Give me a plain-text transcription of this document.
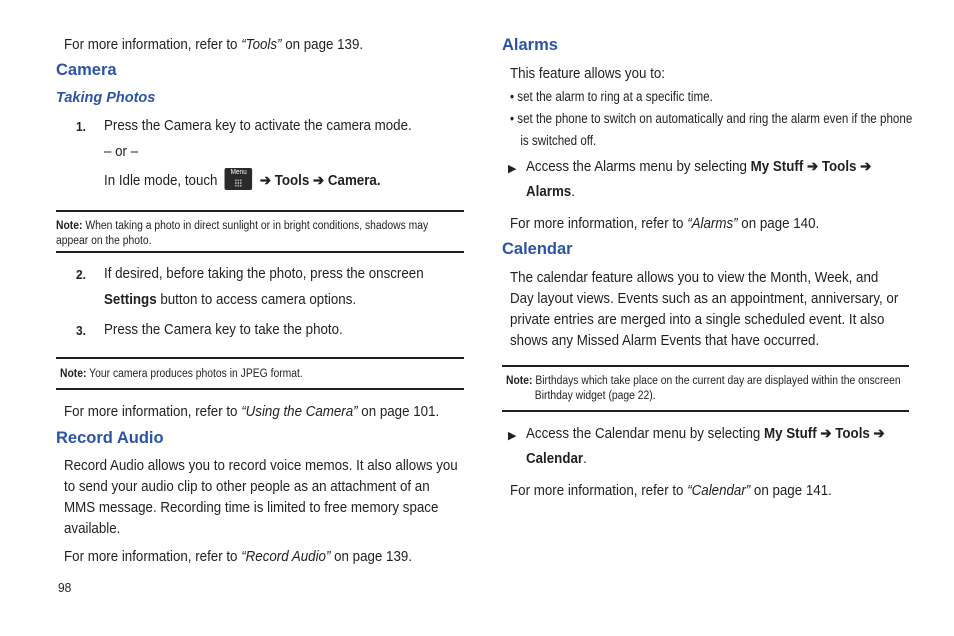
For more information, refer to “Tools” on page 139.
Camera
Taking Photos
1. Press the Camera key to activate the camera mode.
– or –
In Idle mode, touch
Menu
➔ Tools ➔ Camera.
Note: When taking a photo in direct sunlight or in bright conditions, shadows may appear on the photo.
2. If desired, before taking the photo, press the onscreen
Settings button to access camera options.
3. Press the Camera key to take the photo.
Note: Your camera produces photos in JPEG format.
For more information, refer to “Using the Camera” on page 101.
Record Audio
Record Audio allows you to record voice memos. It also allows you to send your audio clip to other people as an attachment of an MMS message. Recording time is limited to free memory space available.
For more information, refer to “Record Audio” on page 139.
98
Alarms
This feature allows you to:
• set the alarm to ring at a specific time.
• set the phone to switch on automatically and ring the alarm even if the phone is switched off.
▶ Access the Alarms menu by selecting My Stuff ➔ Tools ➔
Alarms.
For more information, refer to “Alarms” on page 140.
Calendar
The calendar feature allows you to view the Month, Week, and Day layout views. Events such as an appointment, anniversary, or private entries are merged into a single scheduled event. It also shows any Missed Alarm Events that have occurred.
Note: Birthdays which take place on the current day are displayed within the onscreen Birthday widget (page 22).
▶ Access the Calendar menu by selecting My Stuff ➔ Tools ➔
Calendar.
For more information, refer to “Calendar” on page 141.
